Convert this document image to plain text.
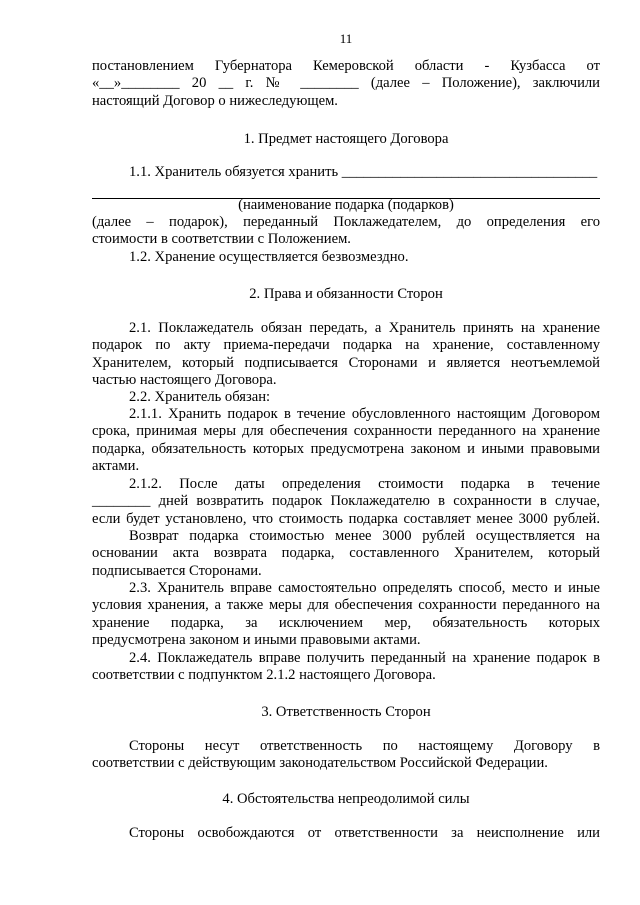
11
постановлением Губернатора Кемеровской области - Кузбасса от
«__»________ 20 __ г. № ________ (далее – Положение), заключили
настоящий Договор о нижеследующем.
1. Предмет настоящего Договора
1.1. Хранитель обязуется хранить ___________________________________
(наименование подарка (подарков)
(далее – подарок), переданный Поклажедателем, до определения его
стоимости в соответствии с Положением.
1.2. Хранение осуществляется безвозмездно.
2. Права и обязанности Сторон
2.1. Поклажедатель обязан передать, а Хранитель принять на хранение
подарок по акту приема-передачи подарка на хранение, составленному
Хранителем, который подписывается Сторонами и является неотъемлемой
частью настоящего Договора.
2.2. Хранитель обязан:
2.1.1. Хранить подарок в течение обусловленного настоящим Договором
срока, принимая меры для обеспечения сохранности переданного на хранение
подарка, обязательность которых предусмотрена законом и иными правовыми
актами.
2.1.2. После даты определения стоимости подарка в течение
________ дней возвратить подарок Поклажедателю в сохранности в случае,
если будет установлено, что стоимость подарка составляет менее 3000 рублей.
Возврат подарка стоимостью менее 3000 рублей осуществляется на
основании акта возврата подарка, составленного Хранителем, который
подписывается Сторонами.
2.3. Хранитель вправе самостоятельно определять способ, место и иные
условия хранения, а также меры для обеспечения сохранности переданного на
хранение подарка, за исключением мер, обязательность которых
предусмотрена законом и иными правовыми актами.
2.4. Поклажедатель вправе получить переданный на хранение подарок в
соответствии с подпунктом 2.1.2 настоящего Договора.
3. Ответственность Сторон
Стороны несут ответственность по настоящему Договору в
соответствии с действующим законодательством Российской Федерации.
4. Обстоятельства непреодолимой силы
Стороны освобождаются от ответственности за неисполнение или
